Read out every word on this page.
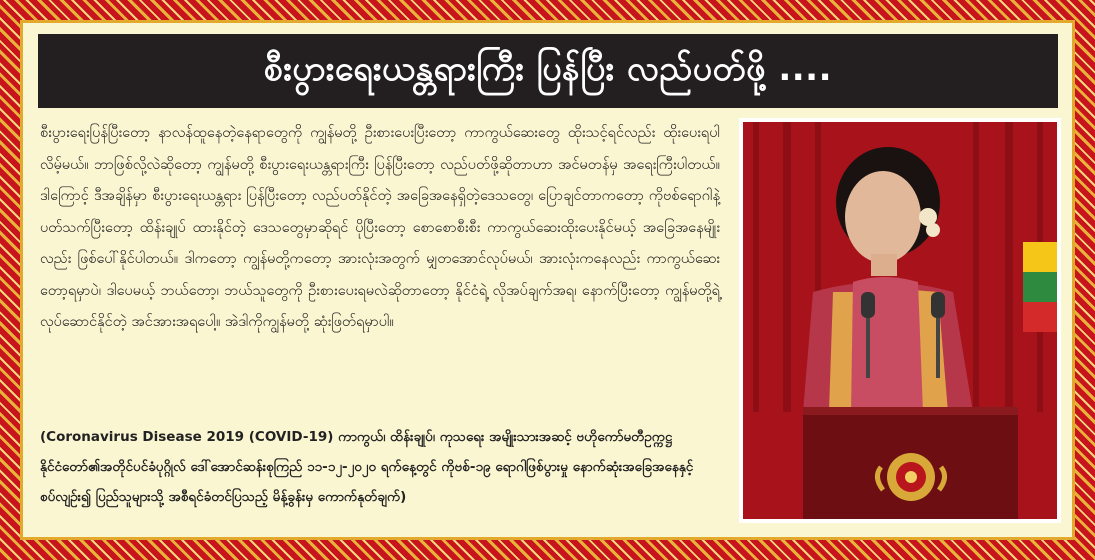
စီးပွားရေးယန္တရားကြီး ပြန်ပြီး လည်ပတ်ဖို့ ....
စီးပွားရေးပြန်ပြီးတော့ နာလန်ထူနေတဲ့နေရာတွေကို ကျွန်မတို့ ဦးစားပေးပြီးတော့ ကာကွယ်ဆေးတွေ ထိုးသင့်ရင်လည်း ထိုးပေးရပါလိမ့်မယ်။ ဘာဖြစ်လို့လဲဆိုတော့ ကျွန်မတို့ စီးပွားရေးယန္တရားကြီး ပြန်ပြီးတော့ လည်ပတ်ဖို့ဆိုတာဟာ အင်မတန်မှ အရေးကြီးပါတယ်။ ဒါကြောင့် ဒီအချိန်မှာ စီးပွားရေးယန္တရား ပြန်ပြီးတော့ လည်ပတ်နိုင်တဲ့ အခြေအနေရှိတဲ့ဒေသတွေ၊ ပြောချင်တာကတော့ ကိုဗစ်ရောဂါနဲ့ပတ်သက်ပြီးတော့ ထိန်းချုပ် ထားနိုင်တဲ့ ဒေသတွေမှာဆိုရင် ပိုပြီးတော့ စောစောစီးစီး ကာကွယ်ဆေးထိုးပေးနိုင်မယ့် အခြေအနေမျိုးလည်း ဖြစ်ပေါ်နိုင်ပါတယ်။ ဒါကတော့ ကျွန်မတို့ကတော့ အားလုံးအတွက် မျှတအောင်လုပ်မယ်၊ အားလုံးကနေလည်း ကာကွယ်ဆေးတော့ရမှာပဲ၊ ဒါပေမယ့် ဘယ်တော့၊ ဘယ်သူတွေကို ဦးစားပေးရမလဲဆိုတာတော့ နိုင်ငံရဲ့ လိုအပ်ချက်အရ၊ နောက်ပြီးတော့ ကျွန်မတို့ရဲ့ လုပ်ဆောင်နိုင်တဲ့ အင်အားအရပေါ့။ အဲဒါကိုကျွန်မတို့ ဆုံးဖြတ်ရမှာပါ။
(Coronavirus Disease 2019 (COVID-19) ကာကွယ်၊ ထိန်းချုပ်၊ ကုသရေး အမျိုးသားအဆင့် ဗဟိုကော်မတီဥက္ကဋ္ဌ နိုင်ငံတော်၏အတိုင်ပင်ခံပုဂ္ဂိုလ် ဒေါ်အောင်ဆန်းစုကြည် ၁၁-၁၂-၂၀၂၀ ရက်နေ့တွင် ကိုဗစ်-၁၉ ရောဂါဖြစ်ပွားမှု နောက်ဆုံးအခြေအနေနှင့် စပ်လျဉ်း၍ ပြည်သူများသို့ အစီရင်ခံတင်ပြသည့် မိန့်ခွန်းမှ ကောက်နုတ်ချက်)
